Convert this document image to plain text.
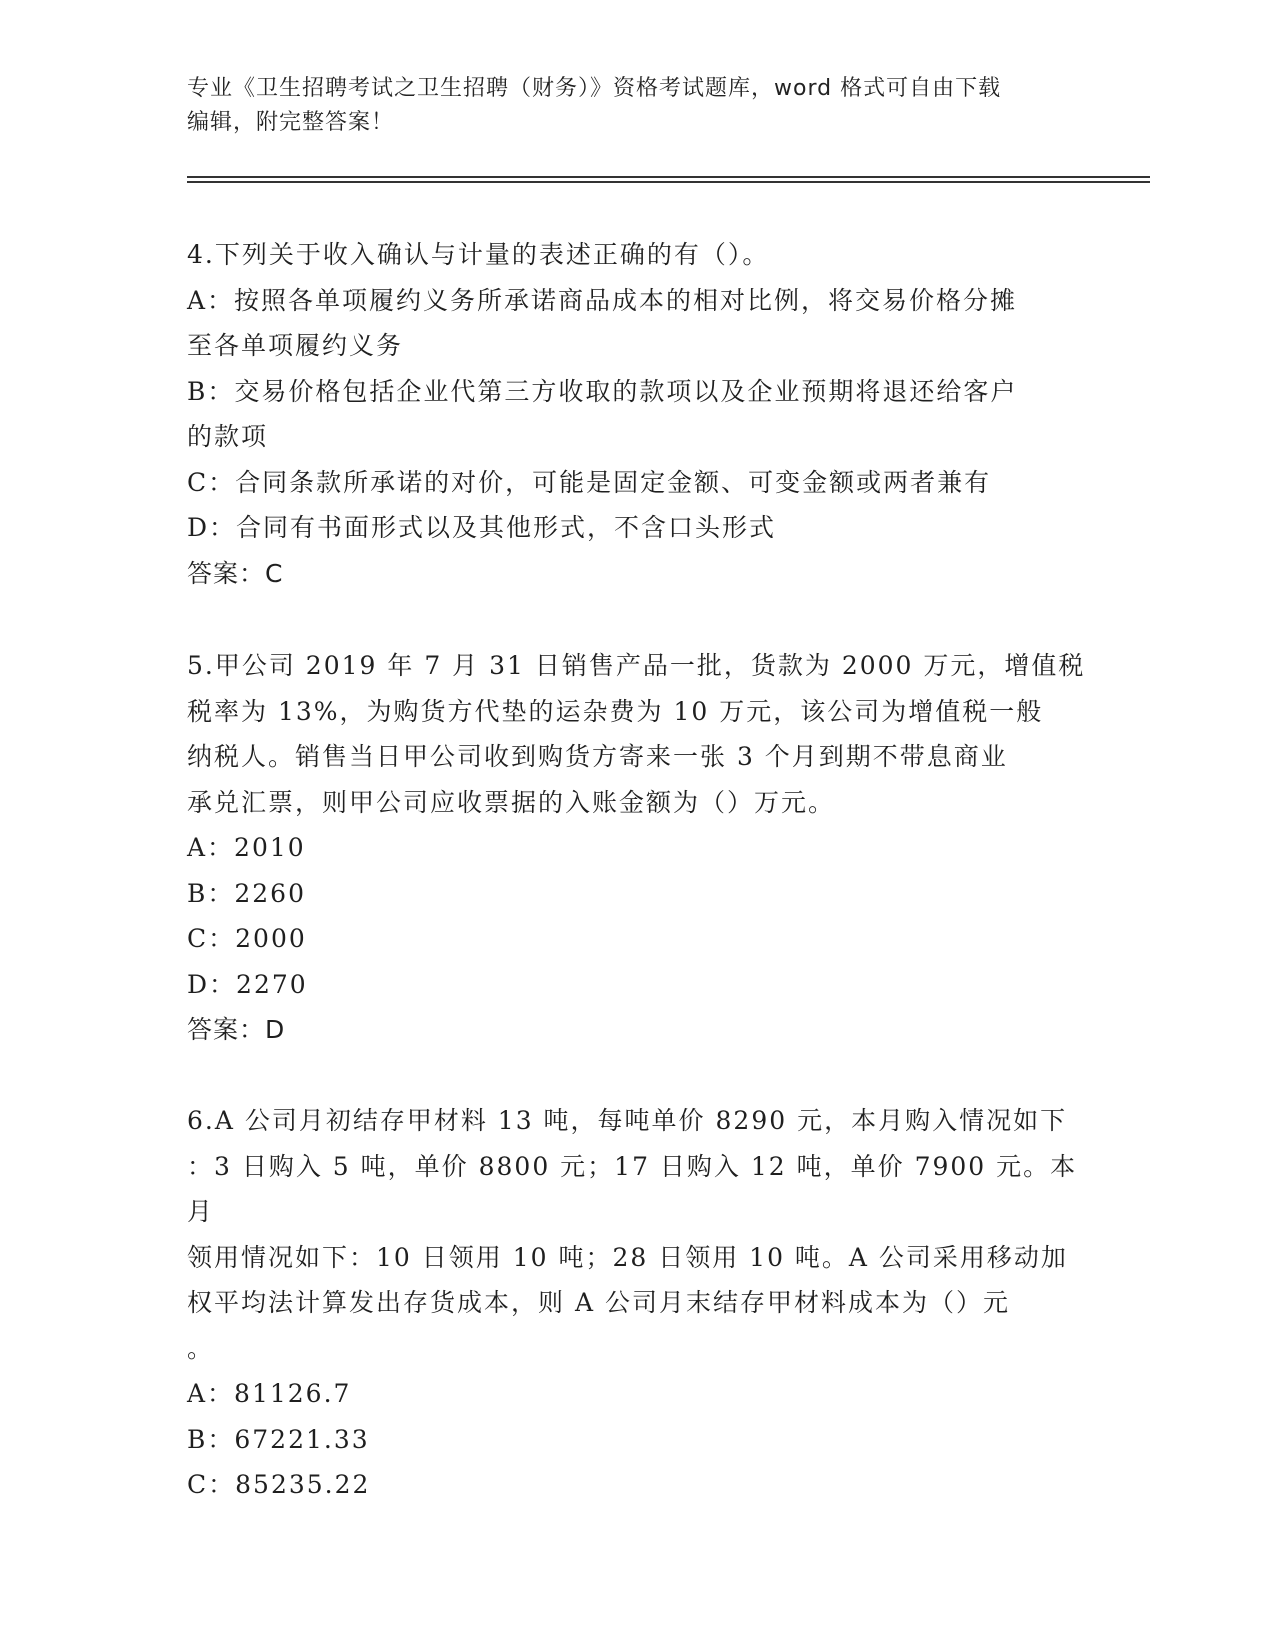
专业《卫生招聘考试之卫生招聘（财务）》资格考试题库，word 格式可自由下载
编辑，附完整答案！

4.下列关于收入确认与计量的表述正确的有（）。

A：按照各单项履约义务所承诺商品成本的相对比例，将交易价格分摊

至各单项履约义务

B：交易价格包括企业代第三方收取的款项以及企业预期将退还给客户

的款项

C：合同条款所承诺的对价，可能是固定金额、可变金额或两者兼有

D：合同有书面形式以及其他形式，不含口头形式

答案：C

5.甲公司 2019 年 7 月 31 日销售产品一批，货款为 2000 万元，增值税

税率为 13%，为购货方代垫的运杂费为 10 万元，该公司为增值税一般

纳税人。销售当日甲公司收到购货方寄来一张 3 个月到期不带息商业

承兑汇票，则甲公司应收票据的入账金额为（）万元。

A：2010

B：2260

C：2000

D：2270

答案：D

6.A 公司月初结存甲材料 13 吨，每吨单价 8290 元，本月购入情况如下

：3 日购入 5 吨，单价 8800 元；17 日购入 12 吨，单价 7900 元。本月

领用情况如下：10 日领用 10 吨；28 日领用 10 吨。A 公司采用移动加

权平均法计算发出存货成本，则 A 公司月末结存甲材料成本为（）元

。

A：81126.7

B：67221.33

C：85235.22
